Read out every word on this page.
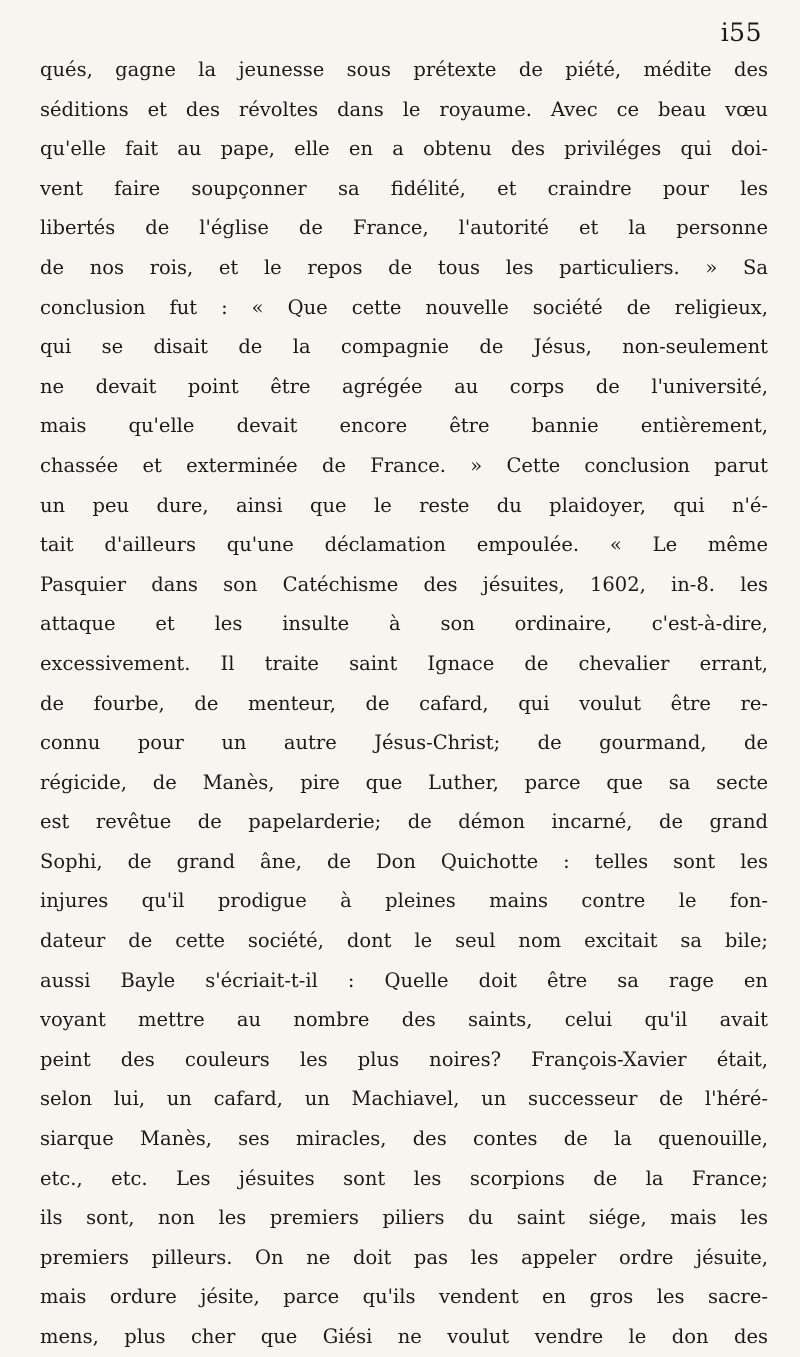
i55
qués, gagne la jeunesse sous prétexte de piété, médite des
séditions et des révoltes dans le royaume. Avec ce beau vœu
qu'elle fait au pape, elle en a obtenu des priviléges qui doi-
vent faire soupçonner sa fidélité, et craindre pour les
libertés de l'église de France, l'autorité et la personne
de nos rois, et le repos de tous les particuliers. » Sa
conclusion fut : « Que cette nouvelle société de religieux,
qui se disait de la compagnie de Jésus, non-seulement
ne devait point être agrégée au corps de l'université,
mais qu'elle devait encore être bannie entièrement,
chassée et exterminée de France. » Cette conclusion parut
un peu dure, ainsi que le reste du plaidoyer, qui n'é-
tait d'ailleurs qu'une déclamation empoulée. « Le même
Pasquier dans son Catéchisme des jésuites, 1602, in-8. les
attaque et les insulte à son ordinaire, c'est-à-dire,
excessivement. Il traite saint Ignace de chevalier errant,
de fourbe, de menteur, de cafard, qui voulut être re-
connu pour un autre Jésus-Christ; de gourmand, de
régicide, de Manès, pire que Luther, parce que sa secte
est revêtue de papelarderie; de démon incarné, de grand
Sophi, de grand âne, de Don Quichotte : telles sont les
injures qu'il prodigue à pleines mains contre le fon-
dateur de cette société, dont le seul nom excitait sa bile;
aussi Bayle s'écriait-t-il : Quelle doit être sa rage en
voyant mettre au nombre des saints, celui qu'il avait
peint des couleurs les plus noires? François-Xavier était,
selon lui, un cafard, un Machiavel, un successeur de l'héré-
siarque Manès, ses miracles, des contes de la quenouille,
etc., etc. Les jésuites sont les scorpions de la France;
ils sont, non les premiers piliers du saint siége, mais les
premiers pilleurs. On ne doit pas les appeler ordre jésuite,
mais ordure jésite, parce qu'ils vendent en gros les sacre-
mens, plus cher que Giési ne voulut vendre le don des
